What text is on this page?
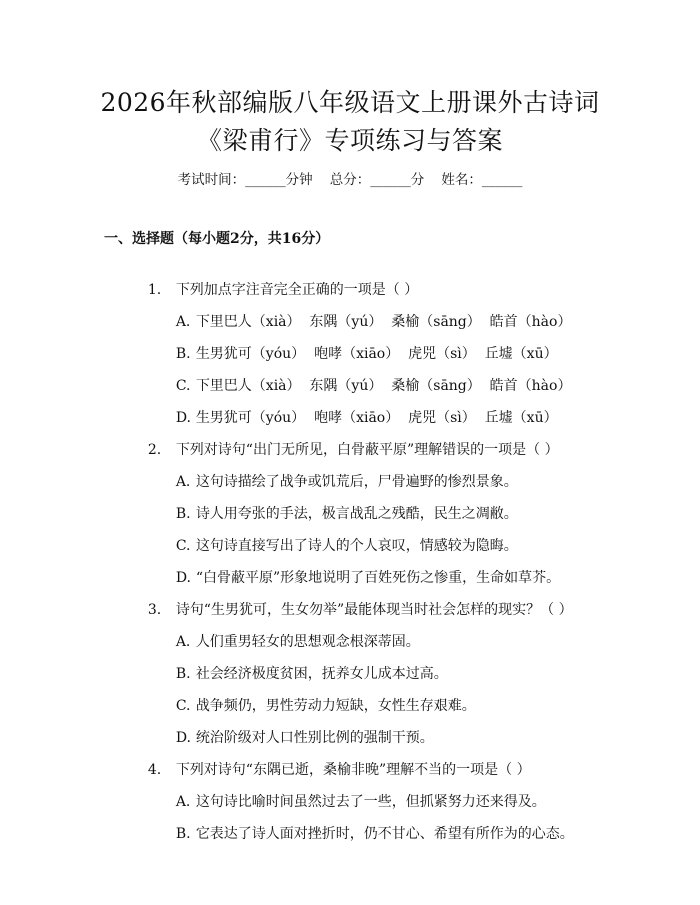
2026年秋部编版八年级语文上册课外古诗词
《梁甫行》专项练习与答案
考试时间：______分钟    总分：______分    姓名：______
一、选择题（每小题2分，共16分）

1. 下列加点字注音完全正确的一项是（ ）

A. 下里巴人（xià）  东隅（yú）  桑榆（sāng）  皓首（hào）

B. 生男犹可（yóu）  咆哮（xiāo）  虎兕（sì）  丘墟（xū）

C. 下里巴人（xià）  东隅（yú）  桑榆（sāng）  皓首（hào）

D. 生男犹可（yóu）  咆哮（xiāo）  虎兕（sì）  丘墟（xū）

2. 下列对诗句“出门无所见，白骨蔽平原”理解错误的一项是（ ）

A. 这句诗描绘了战争或饥荒后，尸骨遍野的惨烈景象。

B. 诗人用夸张的手法，极言战乱之残酷，民生之凋敝。

C. 这句诗直接写出了诗人的个人哀叹，情感较为隐晦。

D. “白骨蔽平原”形象地说明了百姓死伤之惨重，生命如草芥。

3. 诗句“生男犹可，生女勿举”最能体现当时社会怎样的现实？（ ）

A. 人们重男轻女的思想观念根深蒂固。

B. 社会经济极度贫困，抚养女儿成本过高。

C. 战争频仍，男性劳动力短缺，女性生存艰难。

D. 统治阶级对人口性别比例的强制干预。

4. 下列对诗句“东隅已逝，桑榆非晚”理解不当的一项是（ ）

A. 这句诗比喻时间虽然过去了一些，但抓紧努力还来得及。

B. 它表达了诗人面对挫折时，仍不甘心、希望有所作为的心态。
